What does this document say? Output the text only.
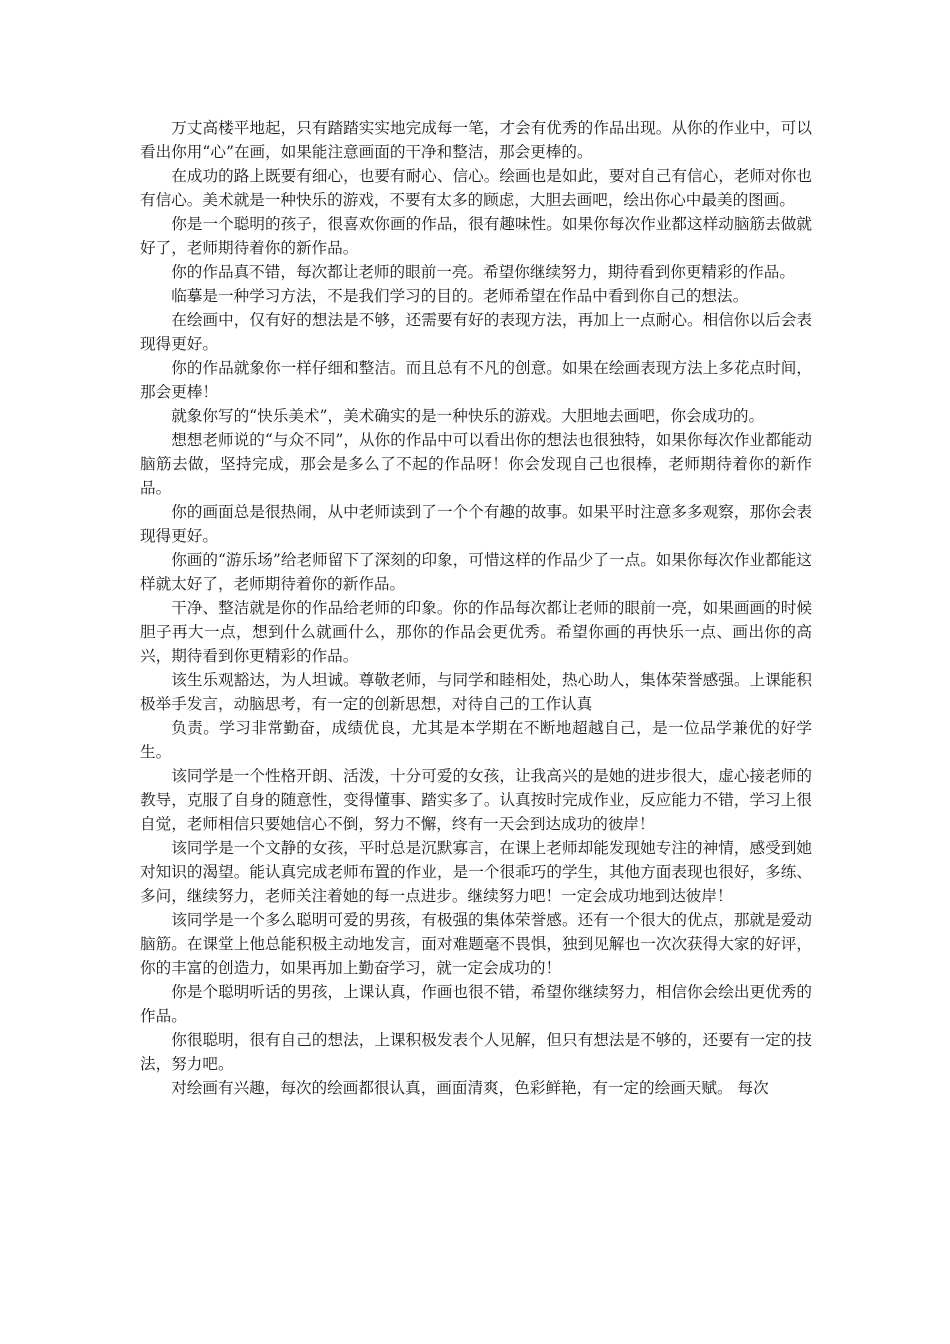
万丈高楼平地起，只有踏踏实实地完成每一笔，才会有优秀的作品出现。从你的作业中，可以看出你用“心”在画，如果能注意画面的干净和整洁，那会更棒的。

在成功的路上既要有细心，也要有耐心、信心。绘画也是如此，要对自己有信心，老师对你也有信心。美术就是一种快乐的游戏，不要有太多的顾虑，大胆去画吧，绘出你心中最美的图画。

你是一个聪明的孩子，很喜欢你画的作品，很有趣味性。如果你每次作业都这样动脑筋去做就好了，老师期待着你的新作品。

你的作品真不错，每次都让老师的眼前一亮。希望你继续努力，期待看到你更精彩的作品。

临摹是一种学习方法，不是我们学习的目的。老师希望在作品中看到你自己的想法。

在绘画中，仅有好的想法是不够，还需要有好的表现方法，再加上一点耐心。相信你以后会表现得更好。

你的作品就象你一样仔细和整洁。而且总有不凡的创意。如果在绘画表现方法上多花点时间，那会更棒！

就象你写的“快乐美术”，美术确实的是一种快乐的游戏。大胆地去画吧，你会成功的。

想想老师说的“与众不同”，从你的作品中可以看出你的想法也很独特，如果你每次作业都能动脑筋去做，坚持完成，那会是多么了不起的作品呀！你会发现自己也很棒，老师期待着你的新作品。

你的画面总是很热闹，从中老师读到了一个个有趣的故事。如果平时注意多多观察，那你会表现得更好。

你画的“游乐场”给老师留下了深刻的印象，可惜这样的作品少了一点。如果你每次作业都能这样就太好了，老师期待着你的新作品。

干净、整洁就是你的作品给老师的印象。你的作品每次都让老师的眼前一亮，如果画画的时候胆子再大一点，想到什么就画什么，那你的作品会更优秀。希望你画的再快乐一点、画出你的高兴，期待看到你更精彩的作品。

该生乐观豁达，为人坦诚。尊敬老师，与同学和睦相处，热心助人，集体荣誉感强。上课能积极举手发言，动脑思考，有一定的创新思想，对待自己的工作认真

负责。学习非常勤奋，成绩优良，尤其是本学期在不断地超越自己，是一位品学兼优的好学生。

该同学是一个性格开朗、活泼，十分可爱的女孩，让我高兴的是她的进步很大，虚心接老师的教导，克服了自身的随意性，变得懂事、踏实多了。认真按时完成作业，反应能力不错，学习上很自觉，老师相信只要她信心不倒，努力不懈，终有一天会到达成功的彼岸！

该同学是一个文静的女孩，平时总是沉默寡言，在课上老师却能发现她专注的神情，感受到她对知识的渴望。能认真完成老师布置的作业，是一个很乖巧的学生，其他方面表现也很好，多练、多问，继续努力，老师关注着她的每一点进步。继续努力吧！一定会成功地到达彼岸！

该同学是一个多么聪明可爱的男孩，有极强的集体荣誉感。还有一个很大的优点，那就是爱动脑筋。在课堂上他总能积极主动地发言，面对难题毫不畏惧，独到见解也一次次获得大家的好评，你的丰富的创造力，如果再加上勤奋学习，就一定会成功的！

你是个聪明听话的男孩，上课认真，作画也很不错，希望你继续努力，相信你会绘出更优秀的作品。

你很聪明，很有自己的想法，上课积极发表个人见解，但只有想法是不够的，还要有一定的技法，努力吧。

对绘画有兴趣，每次的绘画都很认真，画面清爽，色彩鲜艳，有一定的绘画天赋。 每次
